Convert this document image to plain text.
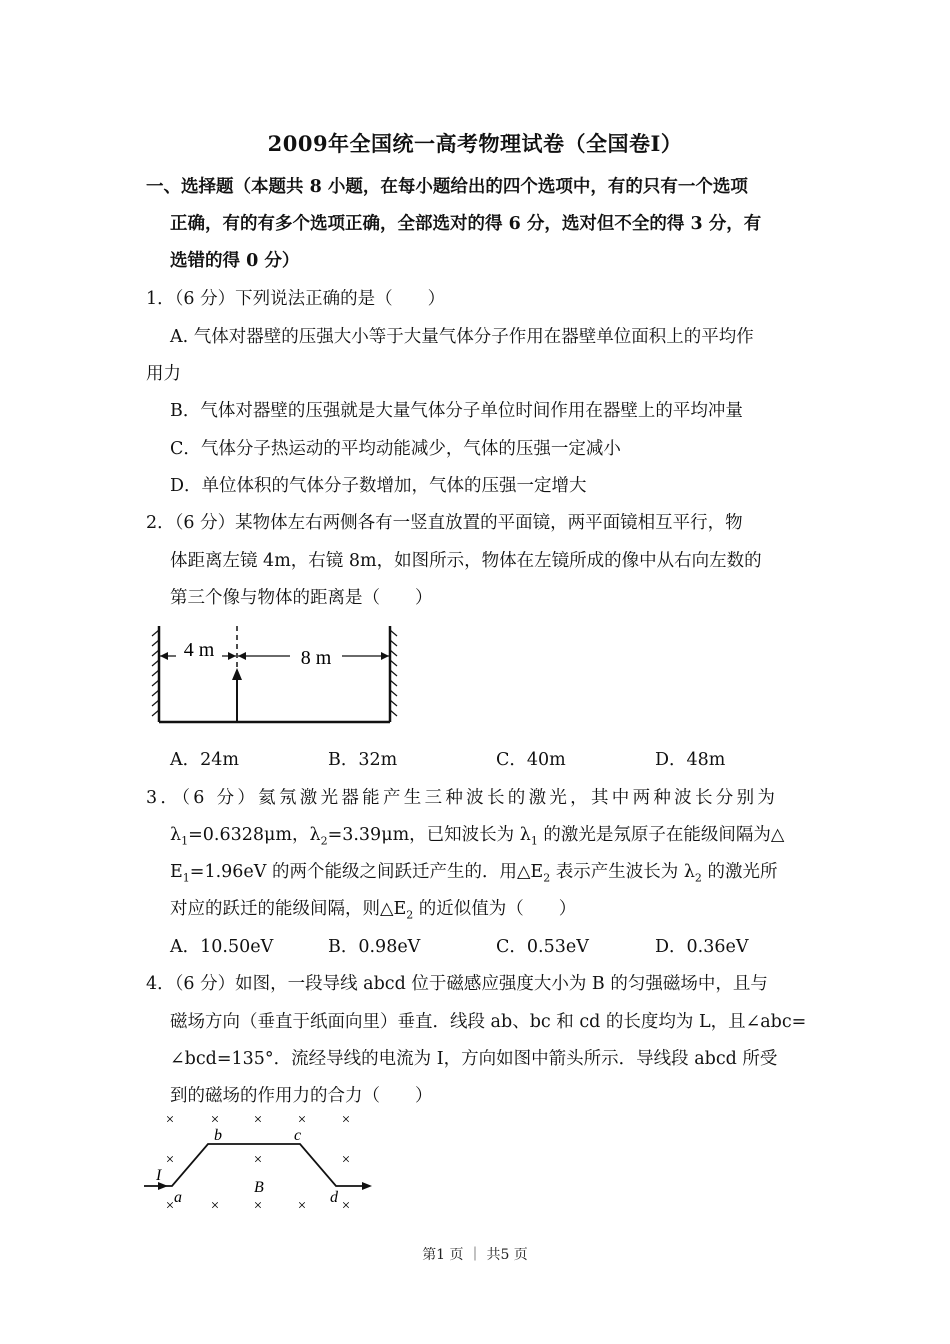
2009年全国统一高考物理试卷（全国卷I）
一、选择题（本题共 8 小题，在每小题给出的四个选项中，有的只有一个选项
正确，有的有多个选项正确，全部选对的得 6 分，选对但不全的得 3 分，有
选错的得 0 分）
1．（6 分）下列说法正确的是（　　）
A. 气体对器壁的压强大小等于大量气体分子作用在器壁单位面积上的平均作
用力
B．气体对器壁的压强就是大量气体分子单位时间作用在器壁上的平均冲量
C．气体分子热运动的平均动能减少，气体的压强一定减小
D．单位体积的气体分子数增加，气体的压强一定增大
2．（6 分）某物体左右两侧各有一竖直放置的平面镜，两平面镜相互平行，物
体距离左镜 4m，右镜 8m，如图所示，物体在左镜所成的像中从右向左数的
第三个像与物体的距离是（　　）
4 m	8 m
A．24m	B．32m	C．40m	D．48m
3．（6 分）氦氖激光器能产生三种波长的激光，其中两种波长分别为
$\lambda_1=0.6328\mu m$，$\lambda_2=3.39\mu m$，已知波长为 $\lambda_1$ 的激光是氖原子在能级间隔为△
$E_1=1.96eV$ 的两个能级之间跃迁产生的．用$\triangle E_2$ 表示产生波长为 $\lambda_2$ 的激光所
对应的跃迁的能级间隔，则$\triangle E_2$ 的近似值为（　　）
A．10.50eV	B．0.98eV	C．0.53eV	D．0.36eV
4．（6 分）如图，一段导线 abcd 位于磁感应强度大小为 B 的匀强磁场中，且与
磁场方向（垂直于纸面向里）垂直．线段 ab、bc 和 cd 的长度均为 L，且∠abc=
∠bcd=135°．流经导线的电流为 I，方向如图中箭头所示．导线段 abcd 所受
到的磁场的作用力的合力（　　）
× × × × ×
×	×	×
× × × × ×
I
a
b	c
d
B
第1 页 ｜ 共5 页
